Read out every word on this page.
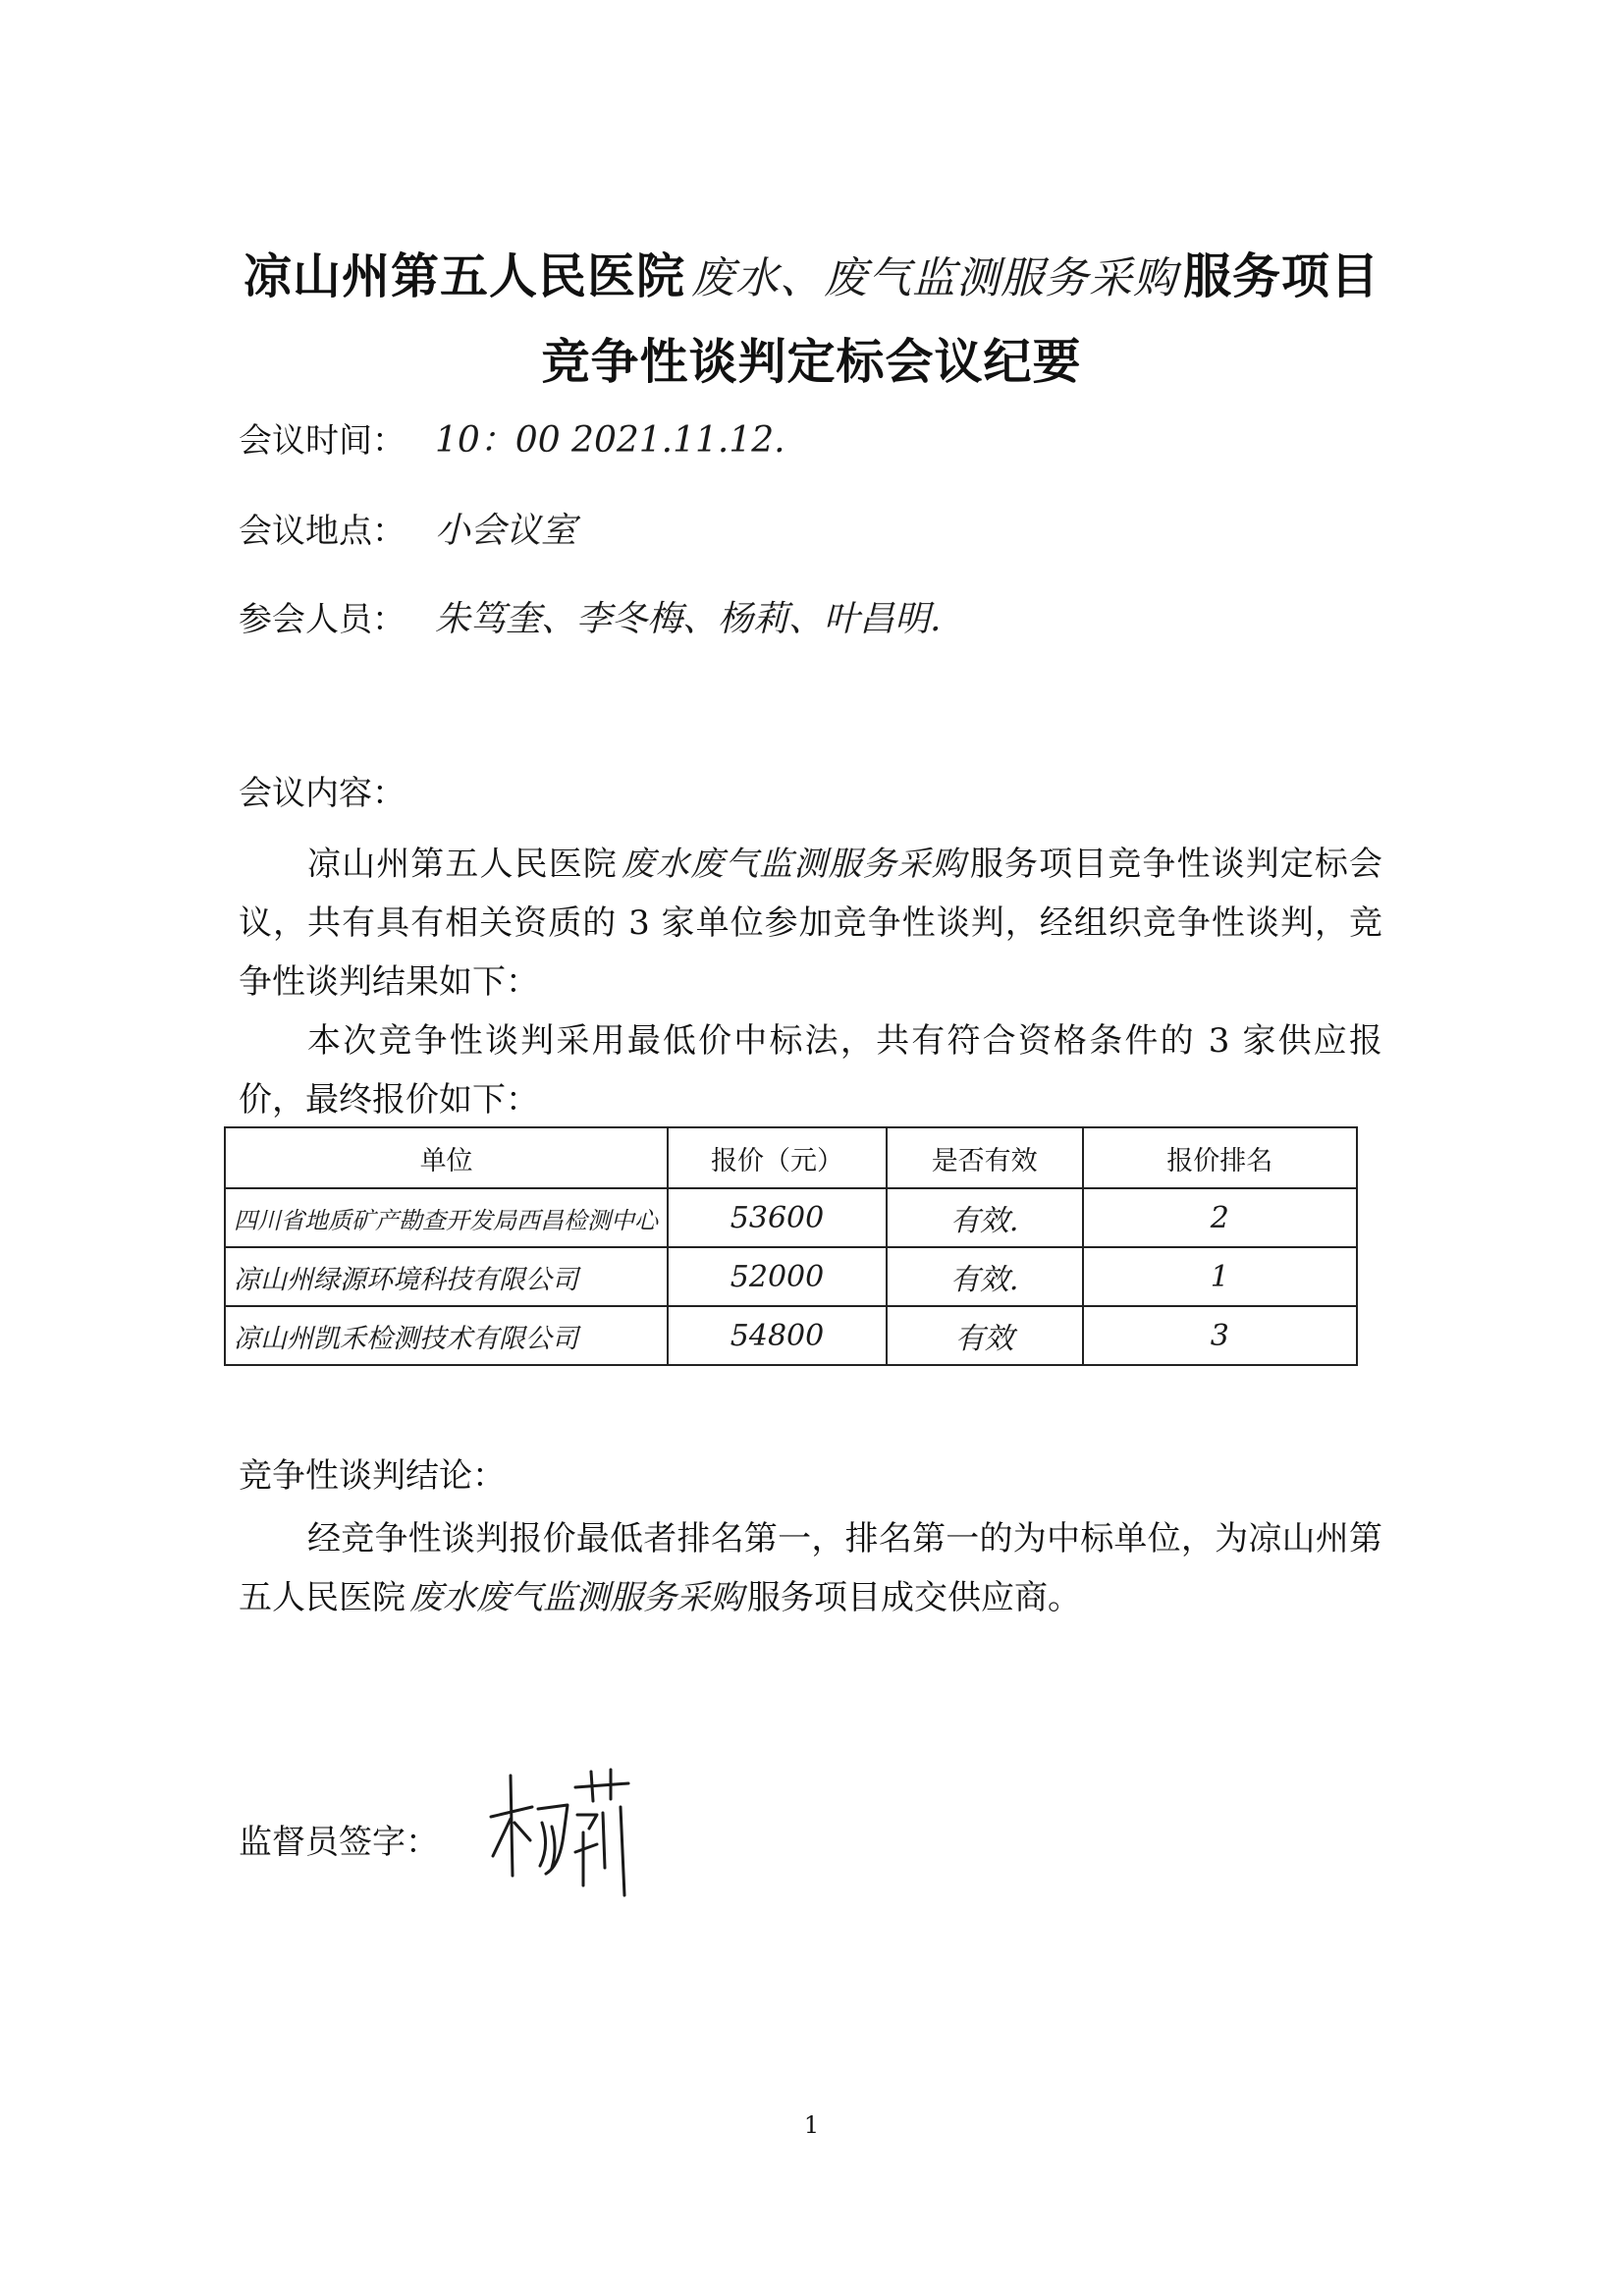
凉山州第五人民医院 废水、废气监测服务采购 服务项目
竞争性谈判定标会议纪要
会议时间： 10：00 2021.11.12.
会议地点： 小会议室
参会人员： 朱笃奎、李冬梅、杨莉、叶昌明.
会议内容：
凉山州第五人民医院 废水废气监测服务采购 服务项目竞争性谈判定标会议，共有具有相关资质的 3 家单位参加竞争性谈判，经组织竞争性谈判，竞争性谈判结果如下：
本次竞争性谈判采用最低价中标法，共有符合资格条件的 3 家供应报价，最终报价如下：
单位	报价（元）	是否有效	报价排名
四川省地质矿产勘查开发局西昌检测中心	53600	有效.	2
凉山州绿源环境科技有限公司	52000	有效.	1
凉山州凯禾检测技术有限公司	54800	有效	3
竞争性谈判结论：
经竞争性谈判报价最低者排名第一，排名第一的为中标单位，为凉山州第五人民医院 废水废气监测服务采购 服务项目成交供应商。
监督员签字：
1
